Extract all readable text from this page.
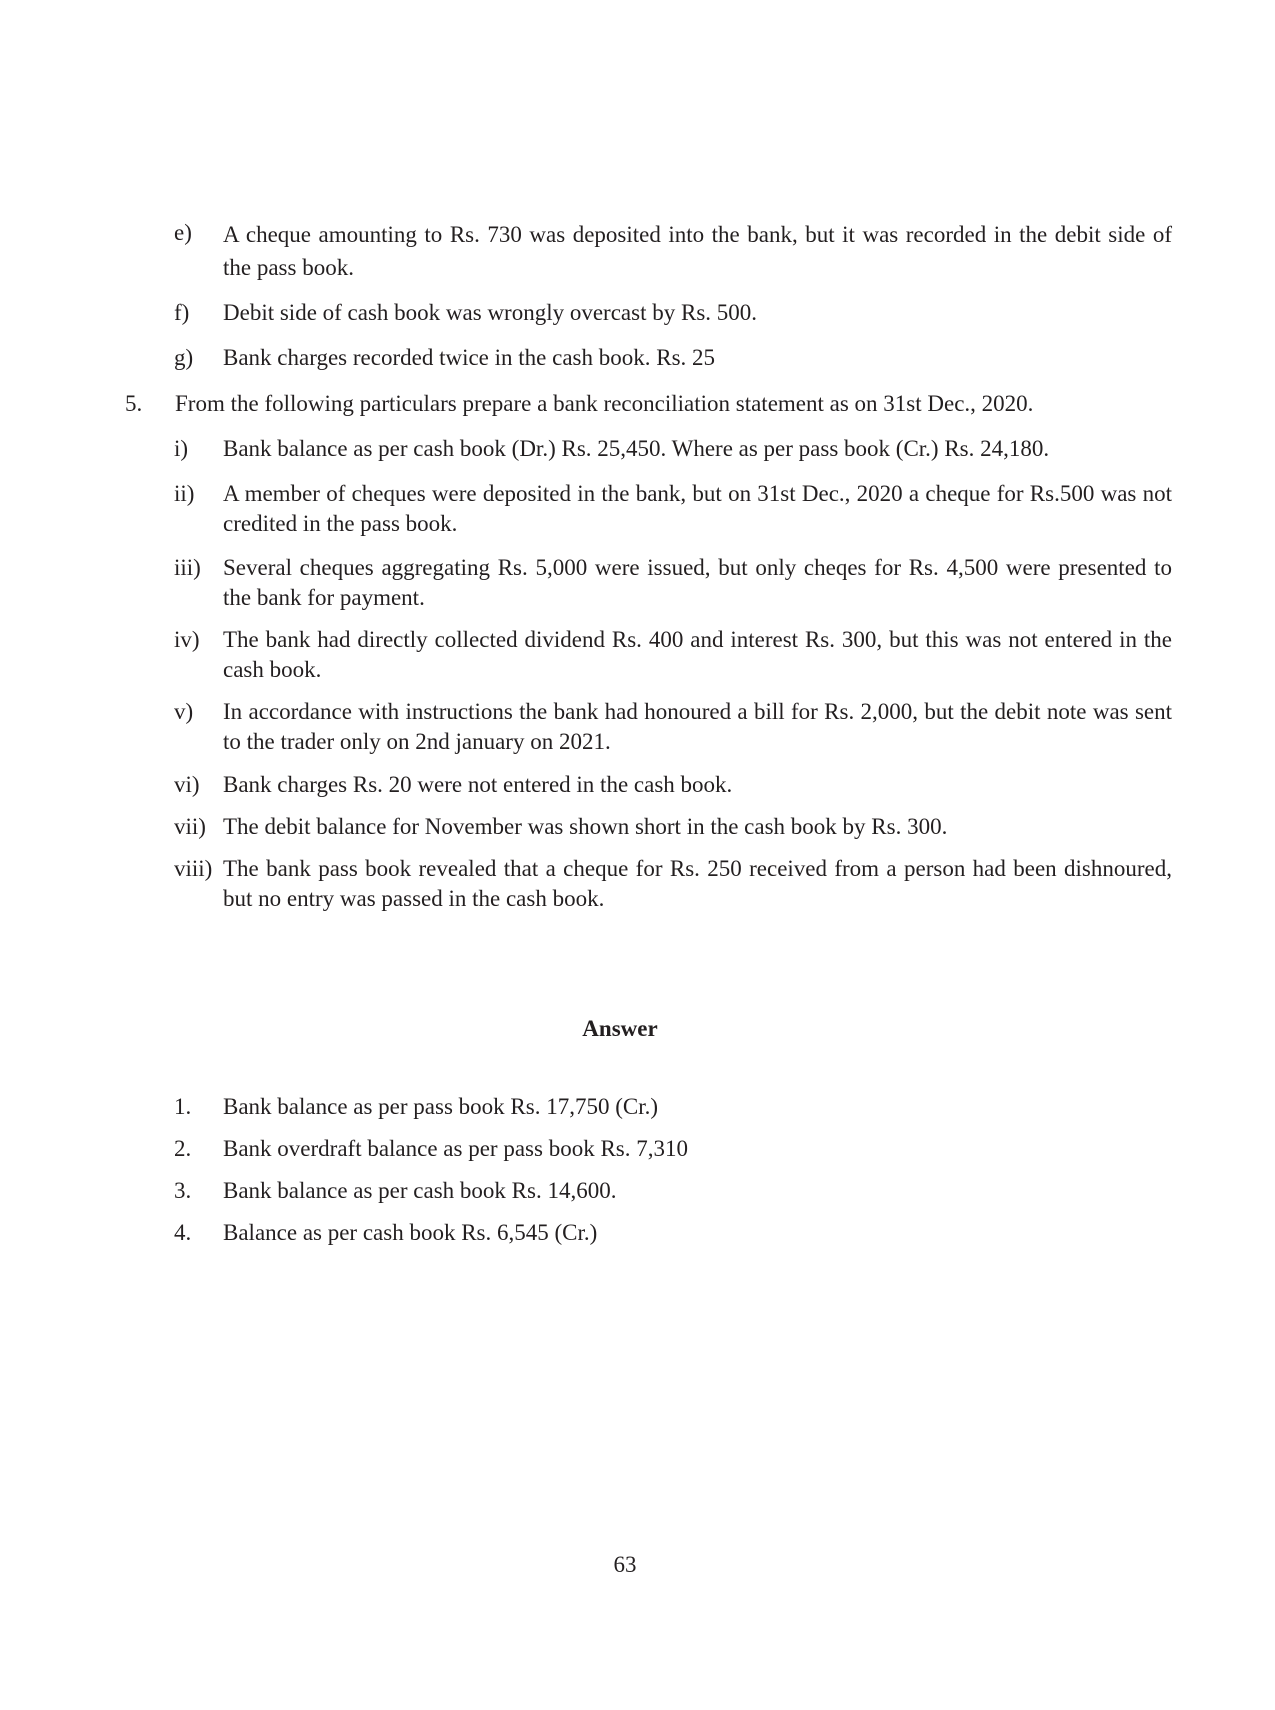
e) A cheque amounting to Rs. 730 was deposited into the bank, but it was recorded in the debit side of the pass book.
f) Debit side of cash book was wrongly overcast by Rs. 500.
g) Bank charges recorded twice in the cash book. Rs. 25
5. From the following particulars prepare a bank reconciliation statement as on 31st Dec., 2020.
i) Bank balance as per cash book (Dr.) Rs. 25,450. Where as per pass book (Cr.) Rs. 24,180.
ii) A member of cheques were deposited in the bank, but on 31st Dec., 2020 a cheque for Rs.500 was not credited in the pass book.
iii) Several cheques aggregating Rs. 5,000 were issued, but only cheqes for Rs. 4,500 were presented to the bank for payment.
iv) The bank had directly collected dividend Rs. 400 and interest Rs. 300, but this was not entered in the cash book.
v) In accordance with instructions the bank had honoured a bill for Rs. 2,000, but the debit note was sent to the trader only on 2nd january on 2021.
vi) Bank charges Rs. 20 were not entered in the cash book.
vii) The debit balance for November was shown short in the cash book by Rs. 300.
viii) The bank pass book revealed that a cheque for Rs. 250 received from a person had been dishnoured, but no entry was passed in the cash book.
Answer
1. Bank balance as per pass book Rs. 17,750 (Cr.)
2. Bank overdraft balance as per pass book Rs. 7,310
3. Bank balance as per cash book Rs. 14,600.
4. Balance as per cash book Rs. 6,545 (Cr.)
63
